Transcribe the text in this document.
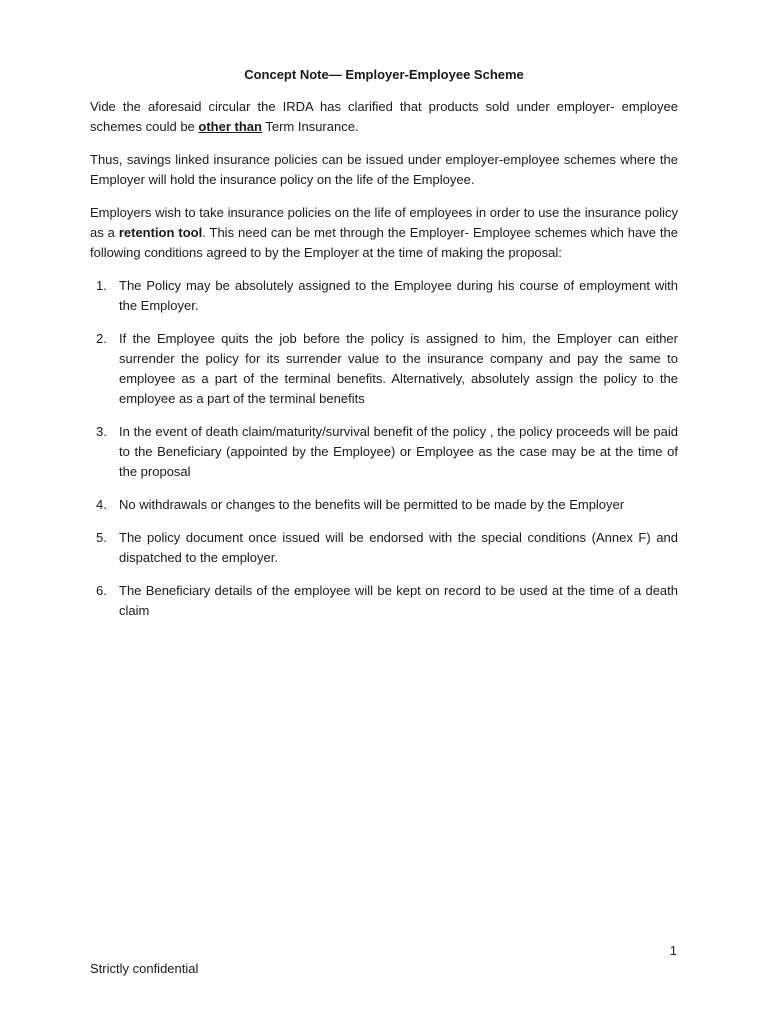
Concept Note— Employer-Employee Scheme

Vide the aforesaid circular the IRDA has clarified that products sold under employer- employee schemes could be other than Term Insurance.

Thus, savings linked insurance policies can be issued under employer-employee schemes where the Employer will hold the insurance policy on the life of the Employee.

Employers wish to take insurance policies on the life of employees in order to use the insurance policy as a retention tool. This need can be met through the Employer- Employee schemes which have the following conditions agreed to by the Employer at the time of making the proposal:

1. The Policy may be absolutely assigned to the Employee during his course of employment with the Employer.
2. If the Employee quits the job before the policy is assigned to him, the Employer can either surrender the policy for its surrender value to the insurance company and pay the same to employee as a part of the terminal benefits. Alternatively, absolutely assign the policy to the employee as a part of the terminal benefits
3. In the event of death claim/maturity/survival benefit of the policy , the policy proceeds will be paid to the Beneficiary (appointed by the Employee) or Employee as the case may be at the time of the proposal
4. No withdrawals or changes to the benefits will be permitted to be made by the Employer
5. The policy document once issued will be endorsed with the special conditions (Annex F) and dispatched to the employer.
6. The Beneficiary details of the employee will be kept on record to be used at the time of a death claim
1
Strictly confidential
